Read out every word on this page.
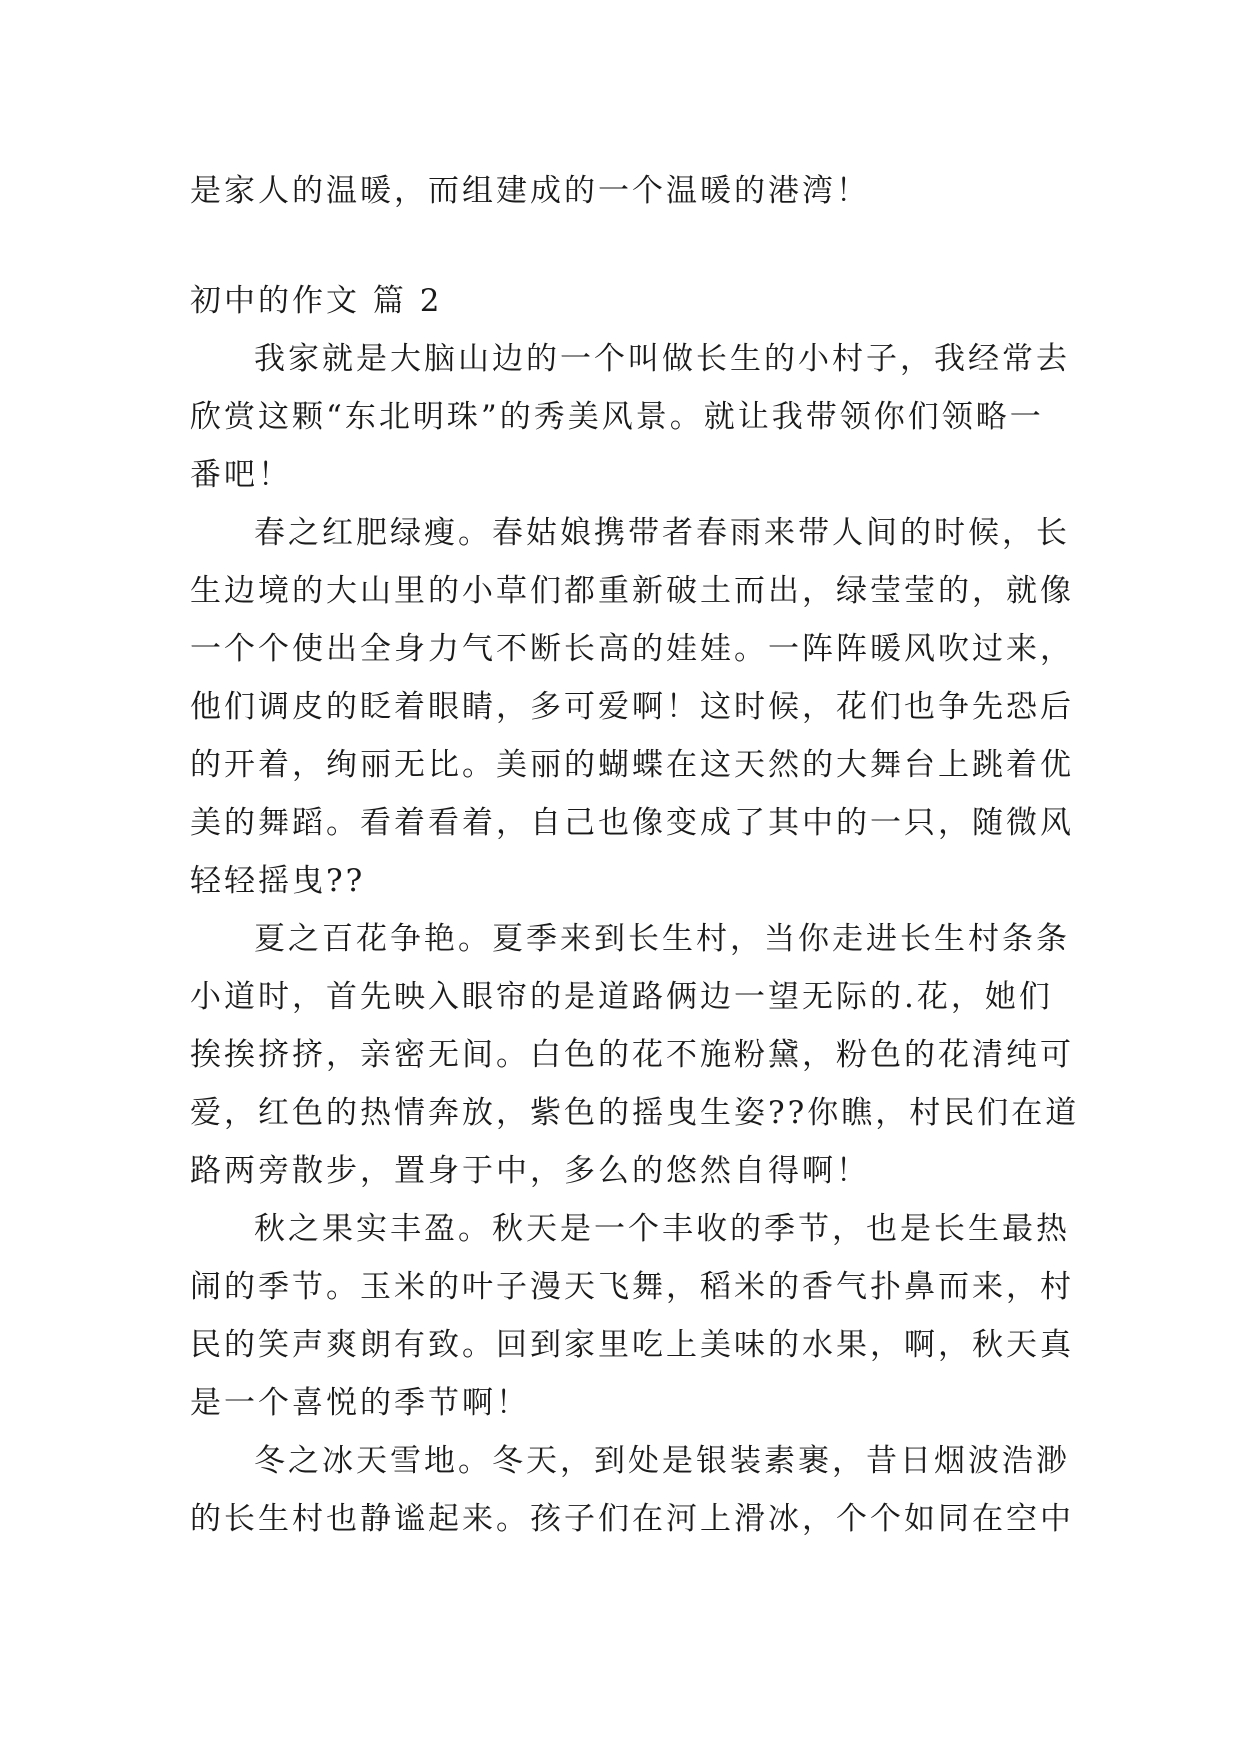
是家人的温暖，而组建成的一个温暖的港湾！
初中的作文 篇 2
我家就是大脑山边的一个叫做长生的小村子，我经常去
欣赏这颗“东北明珠”的秀美风景。就让我带领你们领略一
番吧！
春之红肥绿瘦。春姑娘携带者春雨来带人间的时候，长
生边境的大山里的小草们都重新破土而出，绿莹莹的，就像
一个个使出全身力气不断长高的娃娃。一阵阵暖风吹过来，
他们调皮的眨着眼睛，多可爱啊！这时候，花们也争先恐后
的开着，绚丽无比。美丽的蝴蝶在这天然的大舞台上跳着优
美的舞蹈。看着看着，自己也像变成了其中的一只，随微风
轻轻摇曳??
夏之百花争艳。夏季来到长生村，当你走进长生村条条
小道时，首先映入眼帘的是道路俩边一望无际的.花，她们
挨挨挤挤，亲密无间。白色的花不施粉黛，粉色的花清纯可
爱，红色的热情奔放，紫色的摇曳生姿??你瞧，村民们在道
路两旁散步，置身于中，多么的悠然自得啊！
秋之果实丰盈。秋天是一个丰收的季节，也是长生最热
闹的季节。玉米的叶子漫天飞舞，稻米的香气扑鼻而来，村
民的笑声爽朗有致。回到家里吃上美味的水果，啊，秋天真
是一个喜悦的季节啊！
冬之冰天雪地。冬天，到处是银装素裹，昔日烟波浩渺
的长生村也静谧起来。孩子们在河上滑冰，个个如同在空中
